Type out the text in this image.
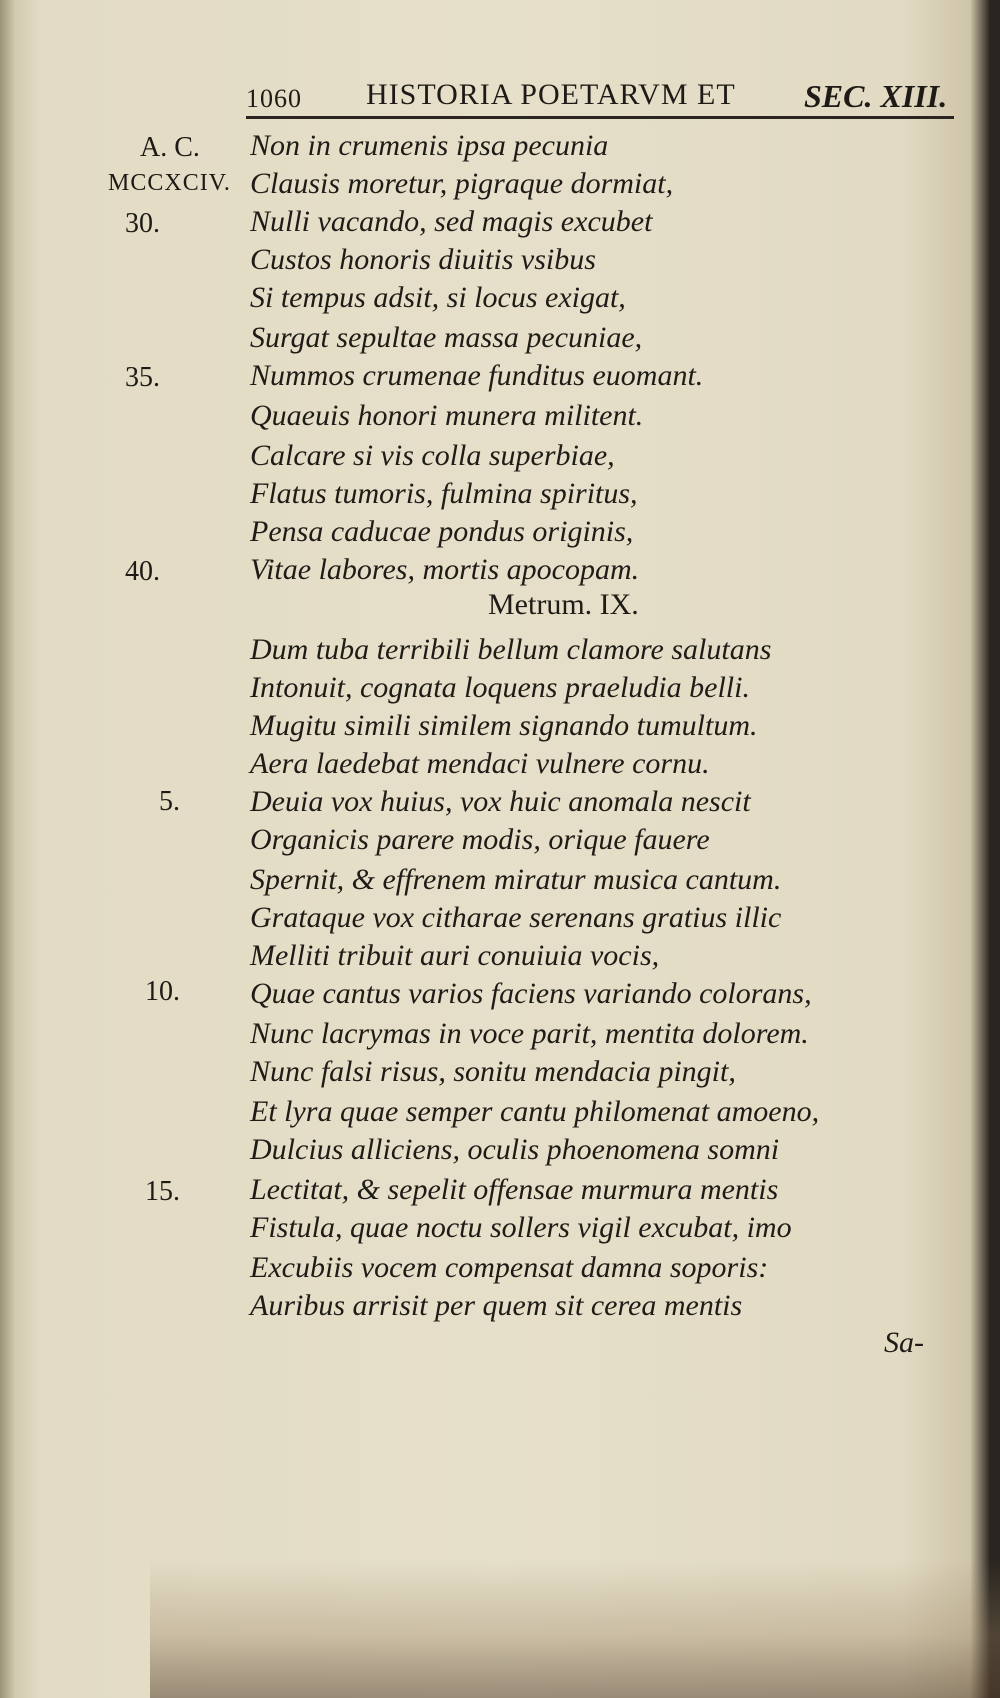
1060 HISTORIA POETARVM ET SEC. XIII.
A. C.
MCCXCIV.
30.
35.
40.
5.
10.
15.
Non in crumenis ipsa pecunia
Clausis moretur, pigraque dormiat,
Nulli vacando, sed magis excubet
Custos honoris diuitis vsibus
Si tempus adsit, si locus exigat,
Surgat sepultae massa pecuniae,
Nummos crumenae funditus euomant.
Quaeuis honori munera militent.
Calcare si vis colla superbiae,
Flatus tumoris, fulmina spiritus,
Pensa caducae pondus originis,
Vitae labores, mortis apocopam.
Metrum. IX.
Dum tuba terribili bellum clamore salutans
Intonuit, cognata loquens praeludia belli.
Mugitu simili similem signando tumultum.
Aera laedebat mendaci vulnere cornu.
Deuia vox huius, vox huic anomala nescit
Organicis parere modis, orique fauere
Spernit, & effrenem miratur musica cantum.
Grataque vox citharae serenans gratius illic
Melliti tribuit auri conuiuia vocis,
Quae cantus varios faciens variando colorans,
Nunc lacrymas in voce parit, mentita dolorem.
Nunc falsi risus, sonitu mendacia pingit,
Et lyra quae semper cantu philomenat amoeno,
Dulcius alliciens, oculis phoenomena somni
Lectitat, & sepelit offensae murmura mentis
Fistula, quae noctu sollers vigil excubat, imo
Excubiis vocem compensat damna soporis:
Auribus arrisit per quem sit cerea mentis
Sa-
